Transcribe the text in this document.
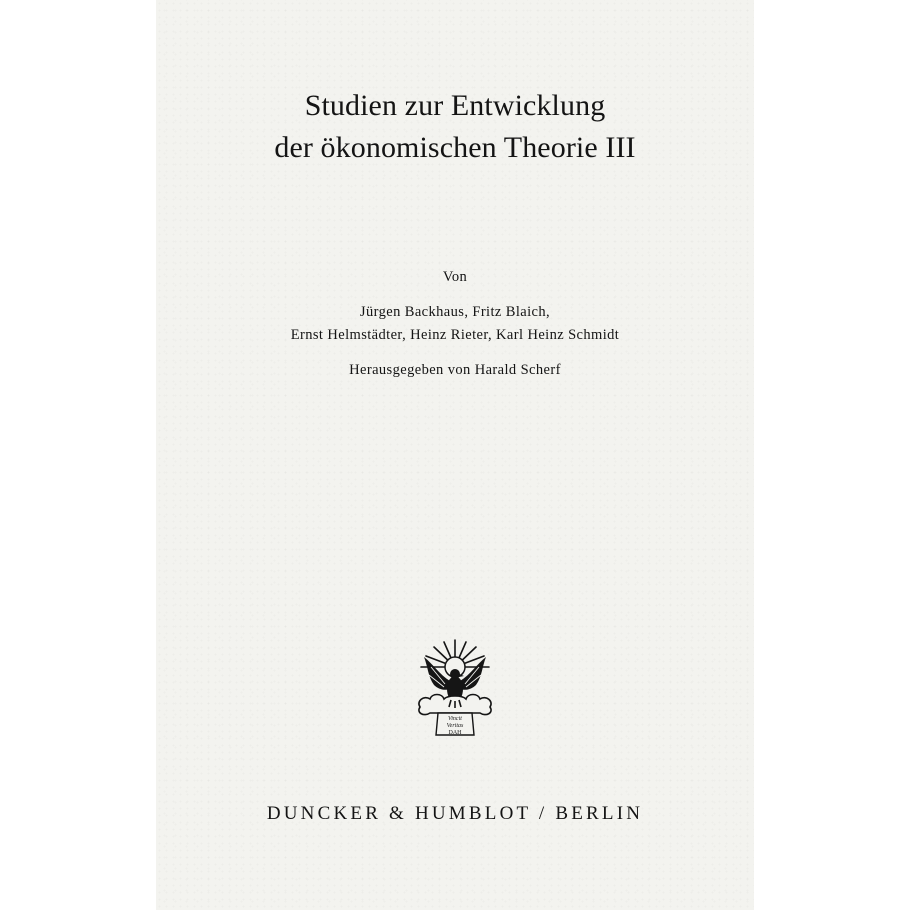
Studien zur Entwicklung
der ökonomischen Theorie III
Von
Jürgen Backhaus, Fritz Blaich,
Ernst Helmstädter, Heinz Rieter, Karl Heinz Schmidt
Herausgegeben von Harald Scherf
Vincit
Veritas
DAH
DUNCKER & HUMBLOT / BERLIN
